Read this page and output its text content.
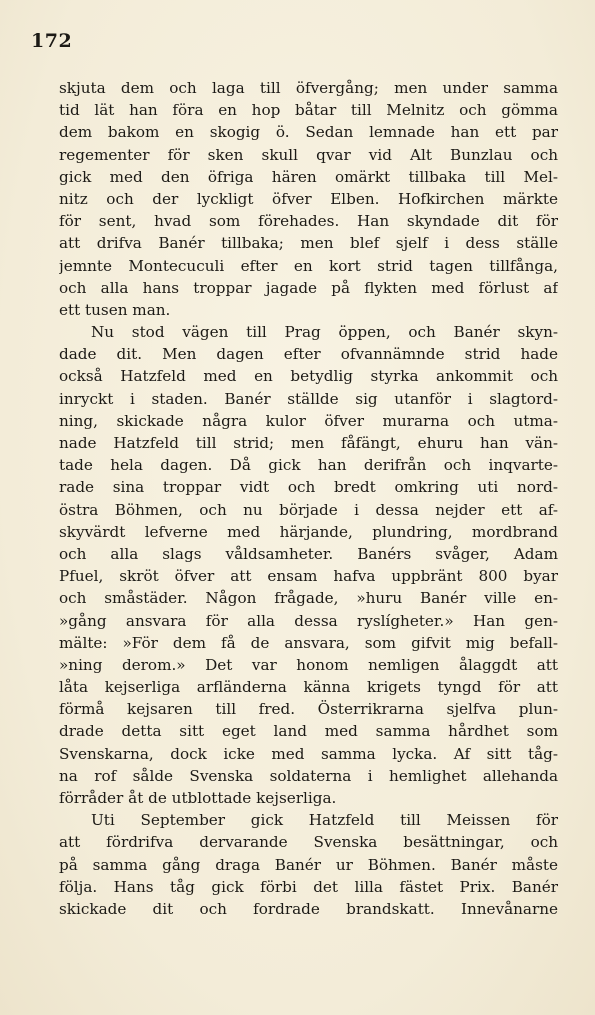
172
skjuta dem och laga till öfvergång; men under samma
tid lät han föra en hop båtar till Melnitz och gömma
dem bakom en skogig ö. Sedan lemnade han ett par
regementer för sken skull qvar vid Alt Bunzlau och
gick med den öfriga hären omärkt tillbaka till Mel-
nitz och der lyckligt öfver Elben. Hofkirchen märkte
för sent, hvad som förehades. Han skyndade dit för
att drifva Banér tillbaka; men blef sjelf i dess ställe
jemnte Montecuculi efter en kort strid tagen tillfånga,
och alla hans troppar jagade på flykten med förlust af
ett tusen man.
Nu stod vägen till Prag öppen, och Banér skyn-
dade dit. Men dagen efter ofvannämnde strid hade
också Hatzfeld med en betydlig styrka ankommit och
inryckt i staden. Banér ställde sig utanför i slagtord-
ning, skickade några kulor öfver murarna och utma-
nade Hatzfeld till strid; men fåfängt, ehuru han vän-
tade hela dagen. Då gick han derifrån och inqvarte-
rade sina troppar vidt och bredt omkring uti nord-
östra Böhmen, och nu började i dessa nejder ett af-
skyvärdt lefverne med härjande, plundring, mordbrand
och alla slags våldsamheter. Banérs svåger, Adam
Pfuel, skröt öfver att ensam hafva uppbränt 800 byar
och småstäder. Någon frågade, »huru Banér ville en-
»gång ansvara för alla dessa ryslígheter.» Han gen-
mälte: »För dem få de ansvara, som gifvit mig befall-
»ning derom.» Det var honom nemligen ålaggdt att
låta kejserliga arfländerna känna krigets tyngd för att
förmå kejsaren till fred. Österrikrarna sjelfva plun-
drade detta sitt eget land med samma hårdhet som
Svenskarna, dock icke med samma lycka. Af sitt tåg-
na rof sålde Svenska soldaterna i hemlighet allehanda
förråder åt de utblottade kejserliga.
Uti September gick Hatzfeld till Meissen för
att fördrifva dervarande Svenska besättningar, och
på samma gång draga Banér ur Böhmen. Banér måste
följa. Hans tåg gick förbi det lilla fästet Prix. Banér
skickade dit och fordrade brandskatt. Innevånarne
